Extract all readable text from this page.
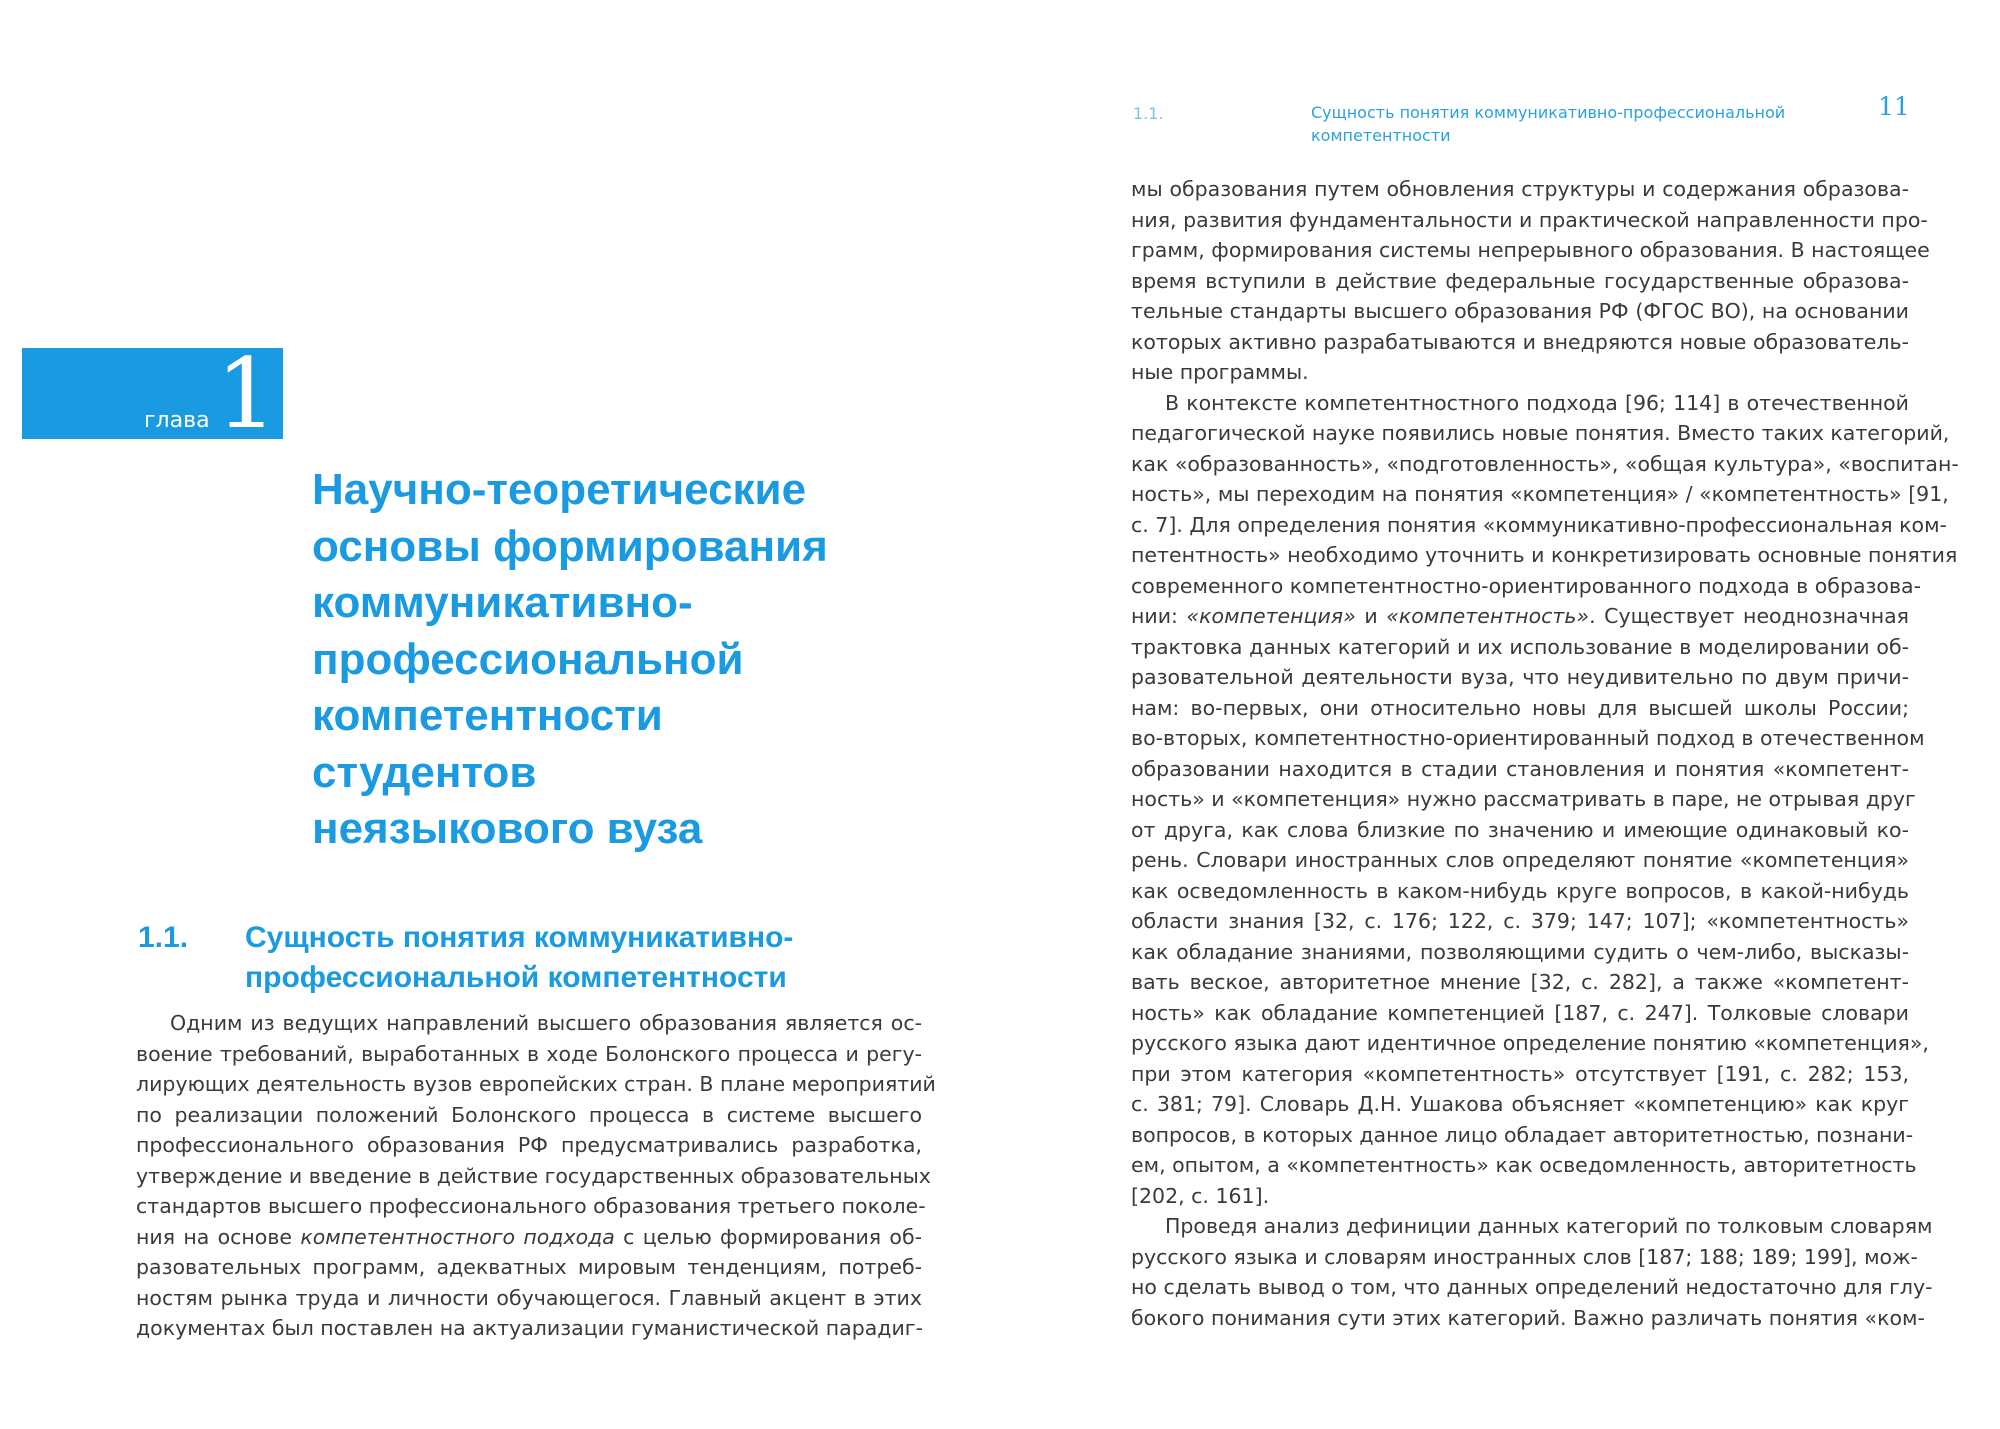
глава 1
Научно-теоретические
основы формирования
коммуникативно-
профессиональной
компетентности
студентов
неязыкового вуза
1.1. Сущность понятия коммуникативно-
профессиональной компетентности
Одним из ведущих направлений высшего образования является ос-
воение требований, выработанных в ходе Болонского процесса и регу-
лирующих деятельность вузов европейских стран. В плане мероприятий
по реализации положений Болонского процесса в системе высшего
профессионального образования РФ предусматривались разработка,
утверждение и введение в действие государственных образовательных
стандартов высшего профессионального образования третьего поколе-
ния на основе компетентностного подхода с целью формирования об-
разовательных программ, адекватных мировым тенденциям, потреб-
ностям рынка труда и личности обучающегося. Главный акцент в этих
документах был поставлен на актуализации гуманистической парадиг-
1.1.	Сущность понятия коммуникативно-профессиональной
компетентности
11
мы образования путем обновления структуры и содержания образова-
ния, развития фундаментальности и практической направленности про-
грамм, формирования системы непрерывного образования. В настоящее
время вступили в действие федеральные государственные образова-
тельные стандарты высшего образования РФ (ФГОС ВО), на основании
которых активно разрабатываются и внедряются новые образователь-
ные программы.
В контексте компетентностного подхода [96; 114] в отечественной
педагогической науке появились новые понятия. Вместо таких категорий,
как «образованность», «подготовленность», «общая культура», «воспитан-
ность», мы переходим на понятия «компетенция» / «компетентность» [91,
с. 7]. Для определения понятия «коммуникативно-профессиональная ком-
петентность» необходимо уточнить и конкретизировать основные понятия
современного компетентностно-ориентированного подхода в образова-
нии: «компетенция» и «компетентность». Существует неоднозначная
трактовка данных категорий и их использование в моделировании об-
разовательной деятельности вуза, что неудивительно по двум причи-
нам: во-первых, они относительно новы для высшей школы России;
во-вторых, компетентностно-ориентированный подход в отечественном
образовании находится в стадии становления и понятия «компетент-
ность» и «компетенция» нужно рассматривать в паре, не отрывая друг
от друга, как слова близкие по значению и имеющие одинаковый ко-
рень. Словари иностранных слов определяют понятие «компетенция»
как осведомленность в каком-нибудь круге вопросов, в какой-нибудь
области знания [32, с. 176; 122, с. 379; 147; 107]; «компетентность»
как обладание знаниями, позволяющими судить о чем-либо, высказы-
вать веское, авторитетное мнение [32, с. 282], а также «компетент-
ность» как обладание компетенцией [187, с. 247]. Толковые словари
русского языка дают идентичное определение понятию «компетенция»,
при этом категория «компетентность» отсутствует [191, с. 282; 153,
с. 381; 79]. Словарь Д.Н. Ушакова объясняет «компетенцию» как круг
вопросов, в которых данное лицо обладает авторитетностью, познани-
ем, опытом, а «компетентность» как осведомленность, авторитетность
[202, с. 161].
Проведя анализ дефиниции данных категорий по толковым словарям
русского языка и словарям иностранных слов [187; 188; 189; 199], мож-
но сделать вывод о том, что данных определений недостаточно для глу-
бокого понимания сути этих категорий. Важно различать понятия «ком-
